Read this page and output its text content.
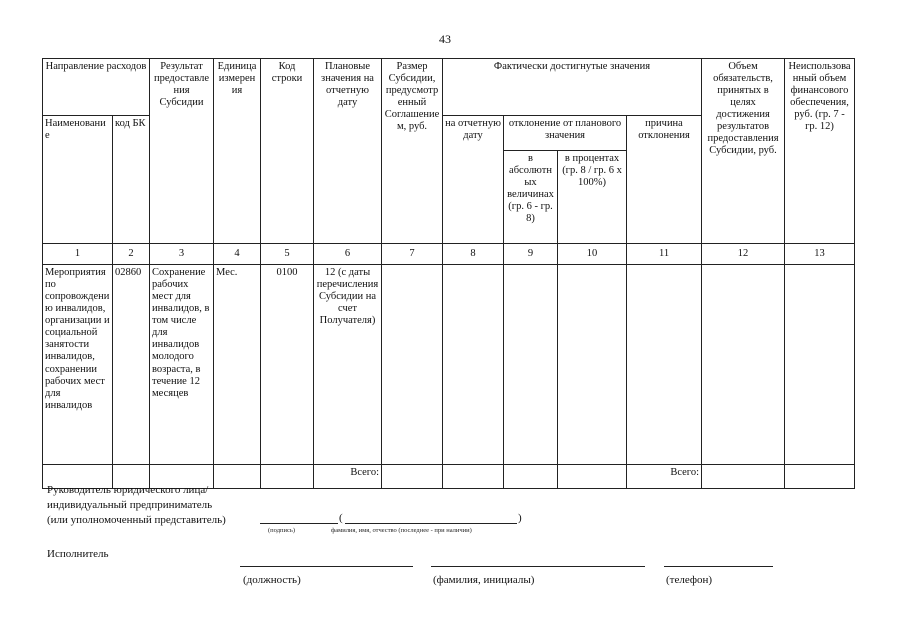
43
Направление расходов		Результат предоставления Субсидии	Единица измерения	Код строки	Плановые значения на отчетную дату	Размер Субсидии, предусмотренный Соглашением, руб.	Фактически достигнутые значения				Объем обязательств, принятых в целях достижения результатов предоставления Субсидии, руб.	Неиспользованный объем финансового обеспечения, руб. (гр. 7 - гр. 12)
Наименование	код БК						на отчетную дату	отклонение от планового значения		причина отклонения		
								в абсолютных величинах (гр. 6 - гр. 8)	в процентах (гр. 8 / гр. 6 x 100%)			
1	2	3	4	5	6	7	8	9	10	11	12	13
Мероприятия по сопровождению инвалидов, организации и социальной занятости инвалидов, сохранении рабочих мест для инвалидов	02860	Сохранение рабочих мест для инвалидов, в том числе для инвалидов молодого возраста, в течение 12 месяцев	Мес.	0100	12 (с даты перечисления Субсидии на счет Получателя)							
					Всего:					Всего:		
Руководитель юридического лица/
индивидуальный предприниматель
(или уполномоченный представитель)	(	)
(подпись)	фамилия, имя, отчество (последнее - при наличии)
Исполнитель
(должность)	(фамилия, инициалы)	(телефон)
